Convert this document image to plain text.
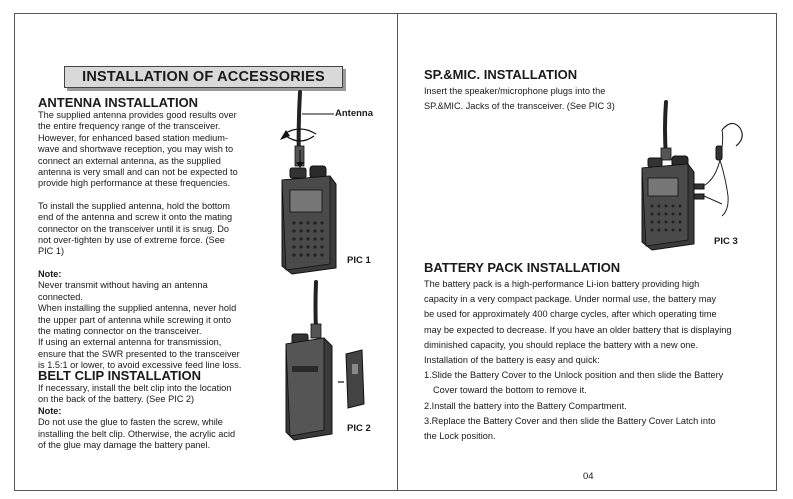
INSTALLATION OF ACCESSORIES
ANTENNA INSTALLATION

The supplied antenna provides good results over

the entire frequency range of the transceiver.

However, for enhanced based station medium-

wave and shortwave reception, you may wish to

connect an external antenna, as the supplied

antenna is very small and can not be expected to

provide high performance at these frequencies.

To install the supplied antenna, hold the bottom

end of the antenna and screw it onto the mating

connector on the transceiver until it is snug. Do

not over-tighten by use of extreme force. (See

PIC 1)

Note:

Never transmit without having an antenna

connected.

When installing the supplied antenna, never hold

the upper part of antenna while screwing it onto

the mating connector on the transceiver.

If using an external antenna for transmission,

ensure that the SWR presented to the transceiver

is 1.5:1 or lower, to avoid excessive feed line loss.

BELT CLIP INSTALLATION

If necessary, install the belt clip into the location

on the back of the battery. (See PIC 2)

Note:

Do not use the glue to fasten the screw, while

installing the belt clip. Otherwise, the acrylic acid

of the glue may damage the battery panel.

Antenna
PIC 1
PIC 2
SP.&MIC. INSTALLATION

Insert the speaker/microphone plugs into the

SP.&MIC. Jacks of the transceiver. (See PIC 3)

PIC 3
BATTERY PACK INSTALLATION

The battery pack is a high-performance Li-ion battery providing high

capacity in a very compact package. Under normal use, the battery may

be used for approximately 400 charge cycles, after which operating time

may be expected to decrease. If you have an older battery that is displaying

diminished capacity, you should replace the battery with a new one.

Installation of the battery is easy and quick:

1.Slide the Battery Cover to the Unlock position and then slide the Battery

Cover toward the bottom to remove it.

2.Install the battery into the Battery Compartment.

3.Replace the Battery Cover and then slide the Battery Cover Latch into

the Lock position.

04
